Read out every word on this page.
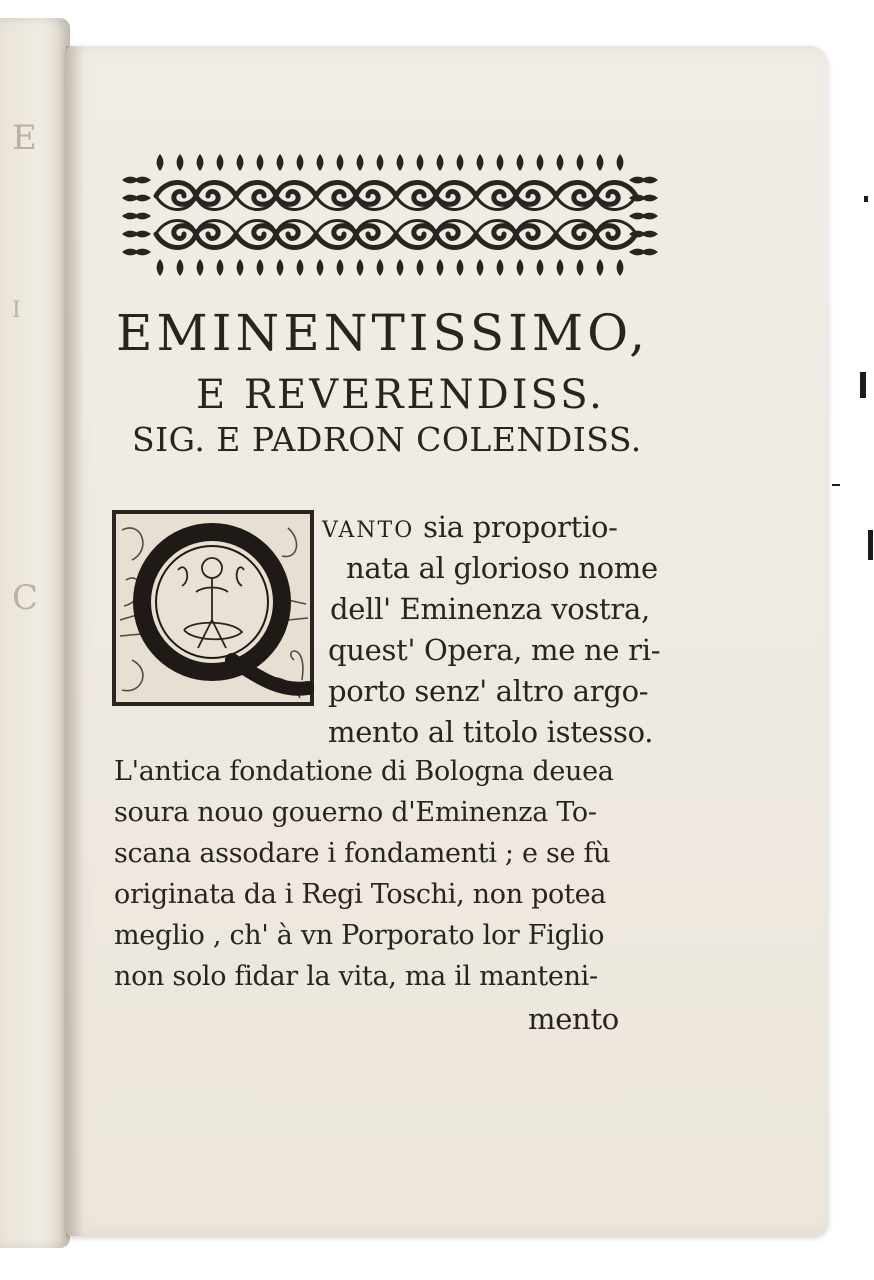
E
I
C
EMINENTISSIMO,
E REVERENDISS.
SIG. E PADRON COLENDISS.
VANTO sia proportio-
nata al glorioso nome
dell' Eminenza vostra,
quest' Opera, me ne ri-
porto senz' altro argo-
mento al titolo istesso.
L'antica fondatione di Bologna deuea
soura nouo gouerno d'Eminenza To-
scana assodare i fondamenti ; e se fù
originata da i Regi Toschi, non potea
meglio , ch' à vn Porporato lor Figlio
non solo fidar la vita, ma il manteni-
mento
